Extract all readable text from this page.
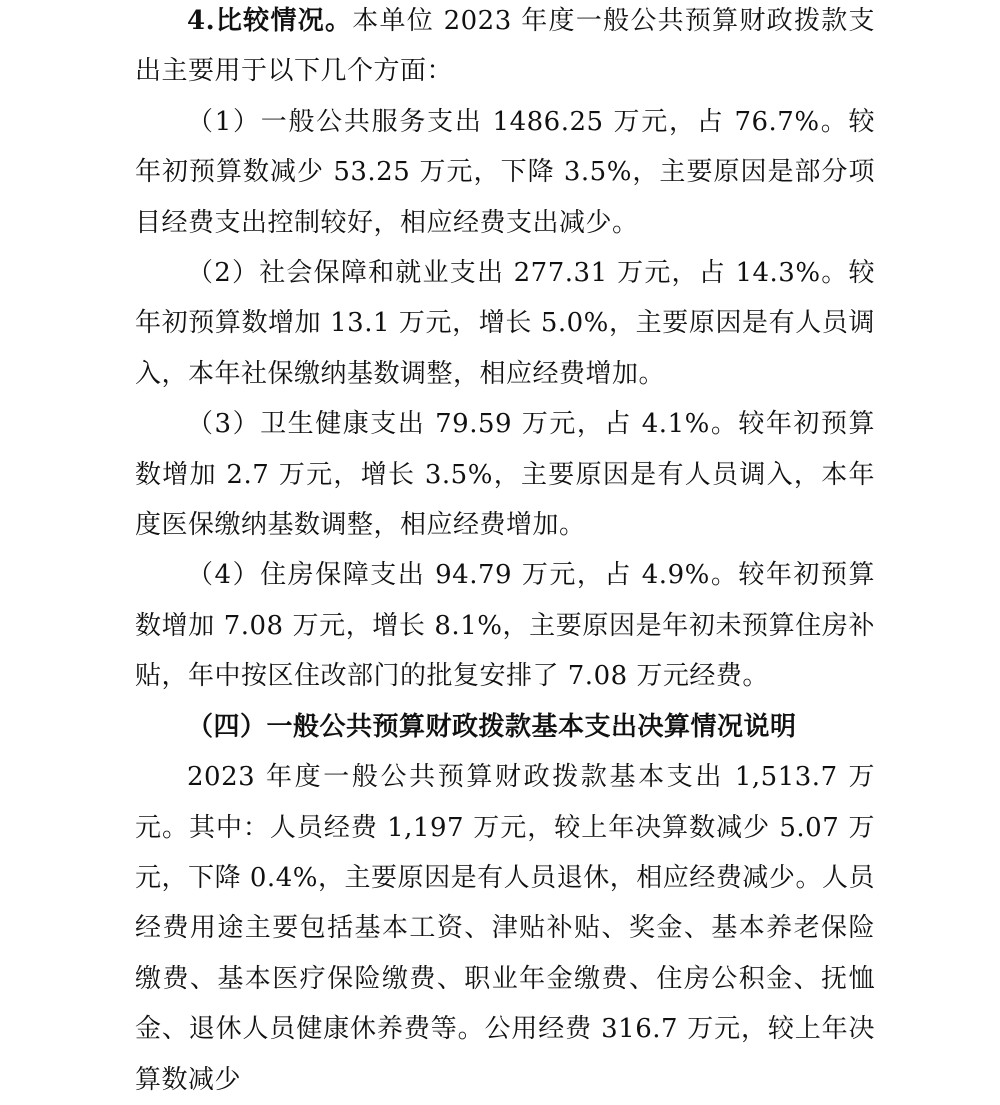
4.比较情况。本单位 2023 年度一般公共预算财政拨款支出主要用于以下几个方面：

（1）一般公共服务支出 1486.25 万元，占 76.7%。较年初预算数减少 53.25 万元，下降 3.5%，主要原因是部分项目经费支出控制较好，相应经费支出减少。

（2）社会保障和就业支出 277.31 万元，占 14.3%。较年初预算数增加 13.1 万元，增长 5.0%，主要原因是有人员调入，本年社保缴纳基数调整，相应经费增加。

（3）卫生健康支出 79.59 万元，占 4.1%。较年初预算数增加 2.7 万元，增长 3.5%，主要原因是有人员调入，本年度医保缴纳基数调整，相应经费增加。

（4）住房保障支出 94.79 万元，占 4.9%。较年初预算数增加 7.08 万元，增长 8.1%，主要原因是年初未预算住房补贴，年中按区住改部门的批复安排了 7.08 万元经费。

（四）一般公共预算财政拨款基本支出决算情况说明

2023 年度一般公共预算财政拨款基本支出 1,513.7 万元。其中：人员经费 1,197 万元，较上年决算数减少 5.07 万元，下降 0.4%，主要原因是有人员退休，相应经费减少。人员经费用途主要包括基本工资、津贴补贴、奖金、基本养老保险缴费、基本医疗保险缴费、职业年金缴费、住房公积金、抚恤金、退休人员健康休养费等。公用经费 316.7 万元，较上年决算数减少
